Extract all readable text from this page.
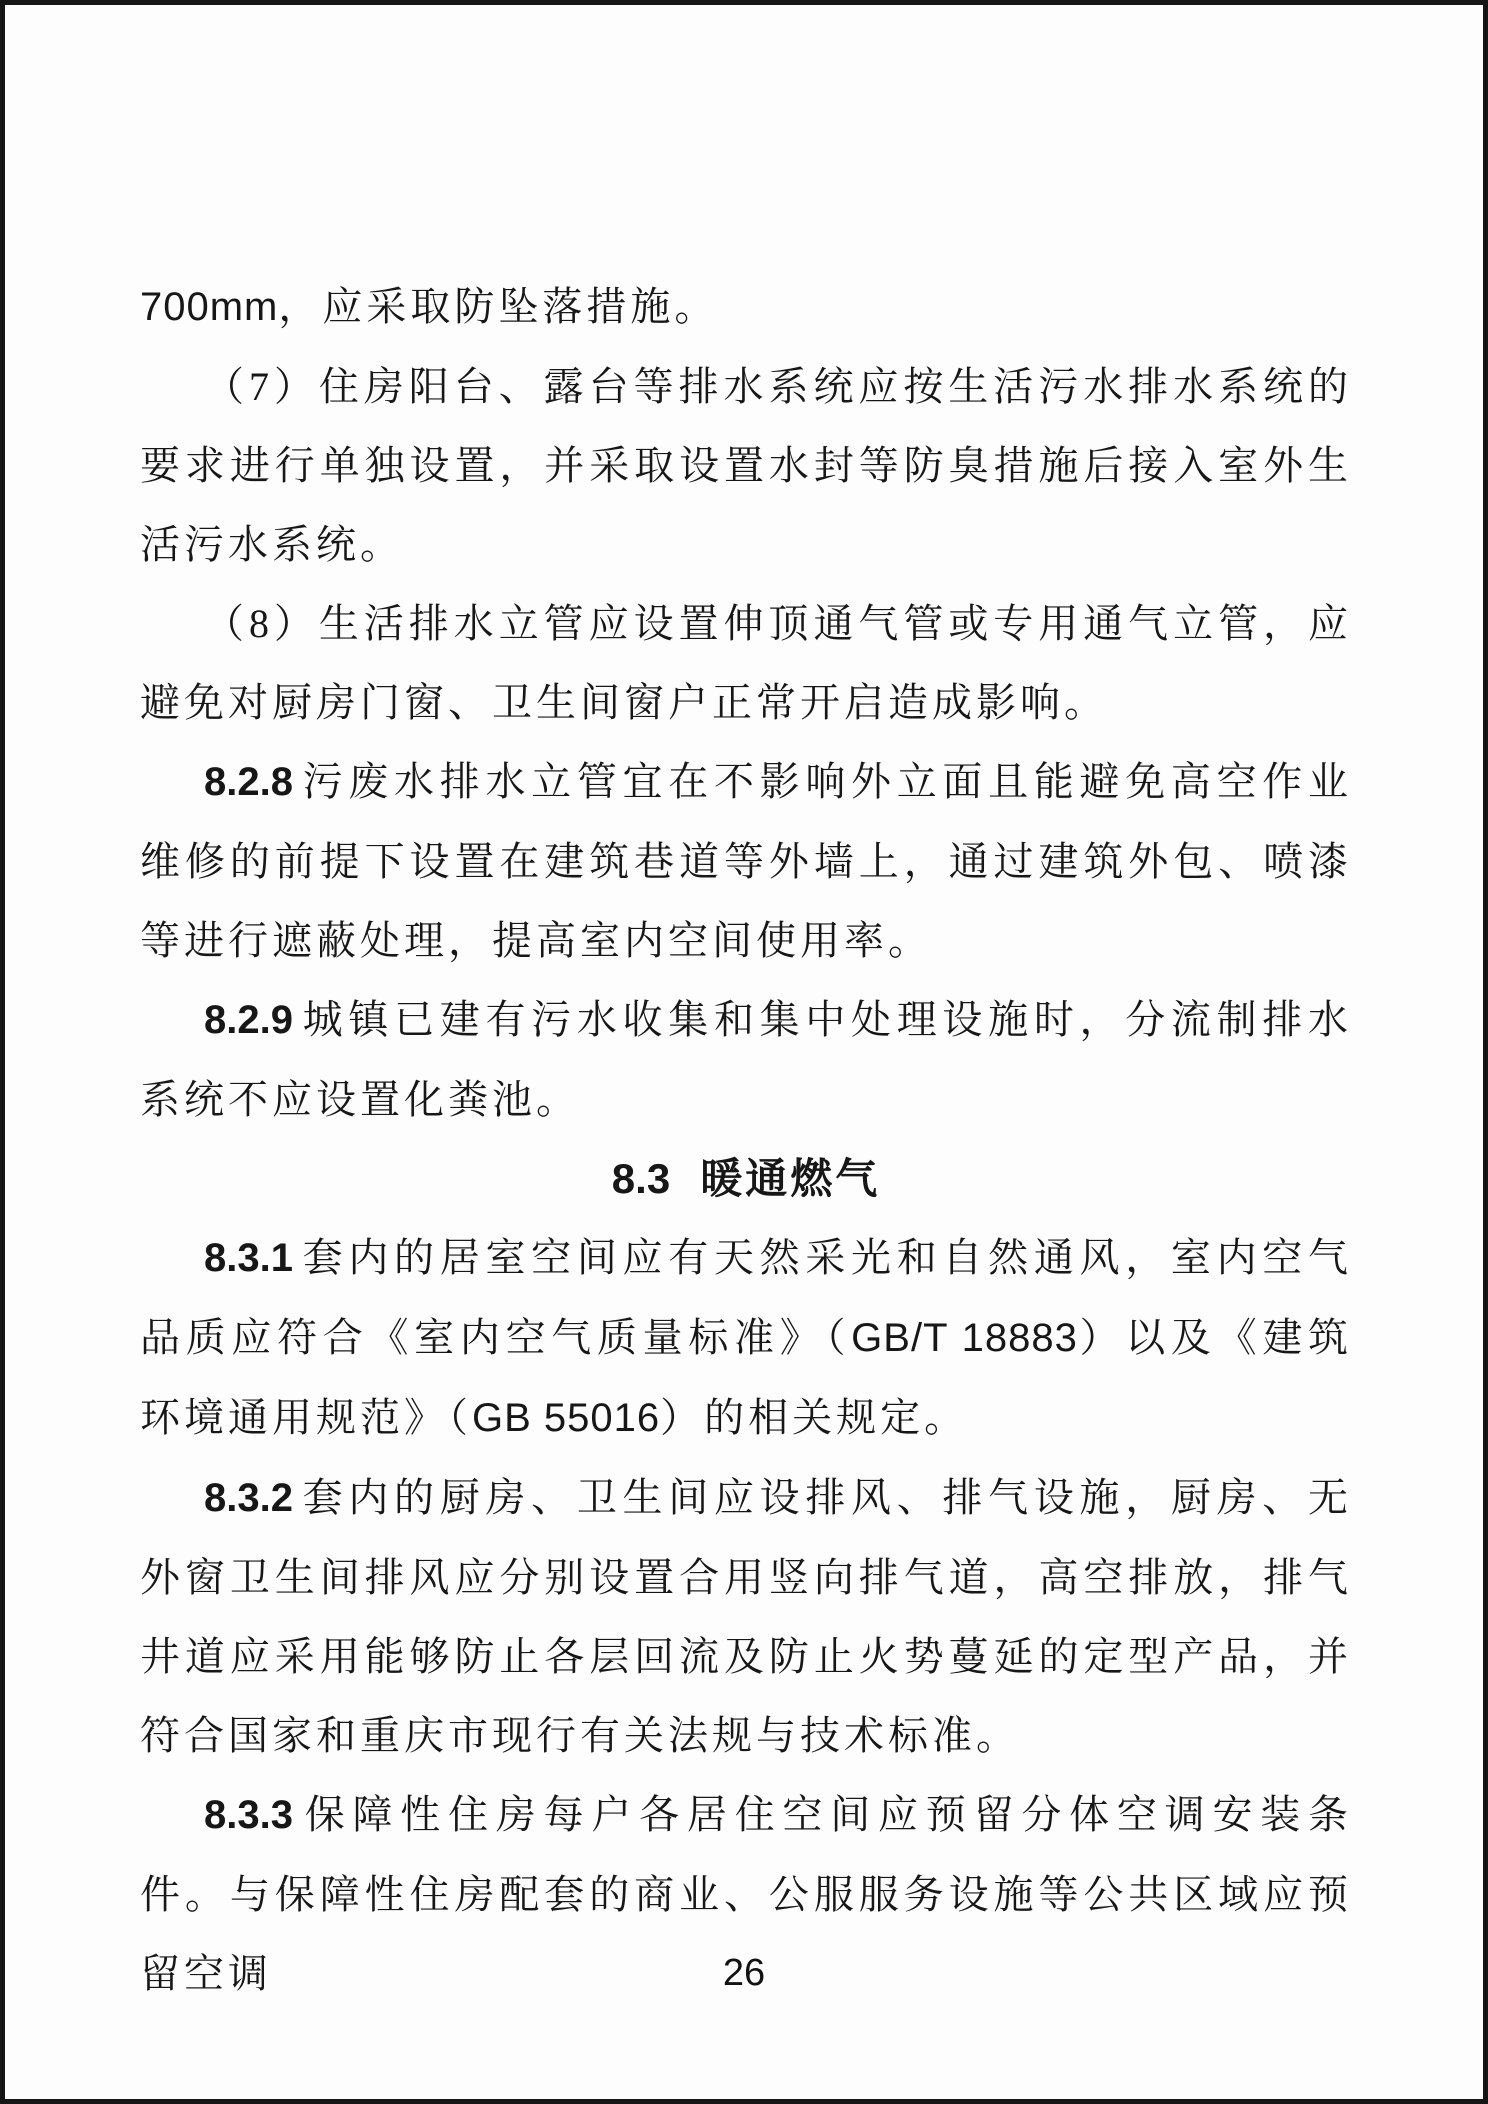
700mm，应采取防坠落措施。

（7）住房阳台、露台等排水系统应按生活污水排水系统的要求进行单独设置，并采取设置水封等防臭措施后接入室外生活污水系统。

（8）生活排水立管应设置伸顶通气管或专用通气立管，应避免对厨房门窗、卫生间窗户正常开启造成影响。

8.2.8 污废水排水立管宜在不影响外立面且能避免高空作业维修的前提下设置在建筑巷道等外墙上，通过建筑外包、喷漆等进行遮蔽处理，提高室内空间使用率。

8.2.9 城镇已建有污水收集和集中处理设施时，分流制排水系统不应设置化粪池。

8.3 暖通燃气

8.3.1 套内的居室空间应有天然采光和自然通风，室内空气品质应符合《室内空气质量标准》（GB/T 18883）以及《建筑环境通用规范》（GB 55016）的相关规定。

8.3.2 套内的厨房、卫生间应设排风、排气设施，厨房、无外窗卫生间排风应分别设置合用竖向排气道，高空排放，排气井道应采用能够防止各层回流及防止火势蔓延的定型产品，并符合国家和重庆市现行有关法规与技术标准。

8.3.3 保障性住房每户各居住空间应预留分体空调安装条件。与保障性住房配套的商业、公服服务设施等公共区域应预留空调	26
